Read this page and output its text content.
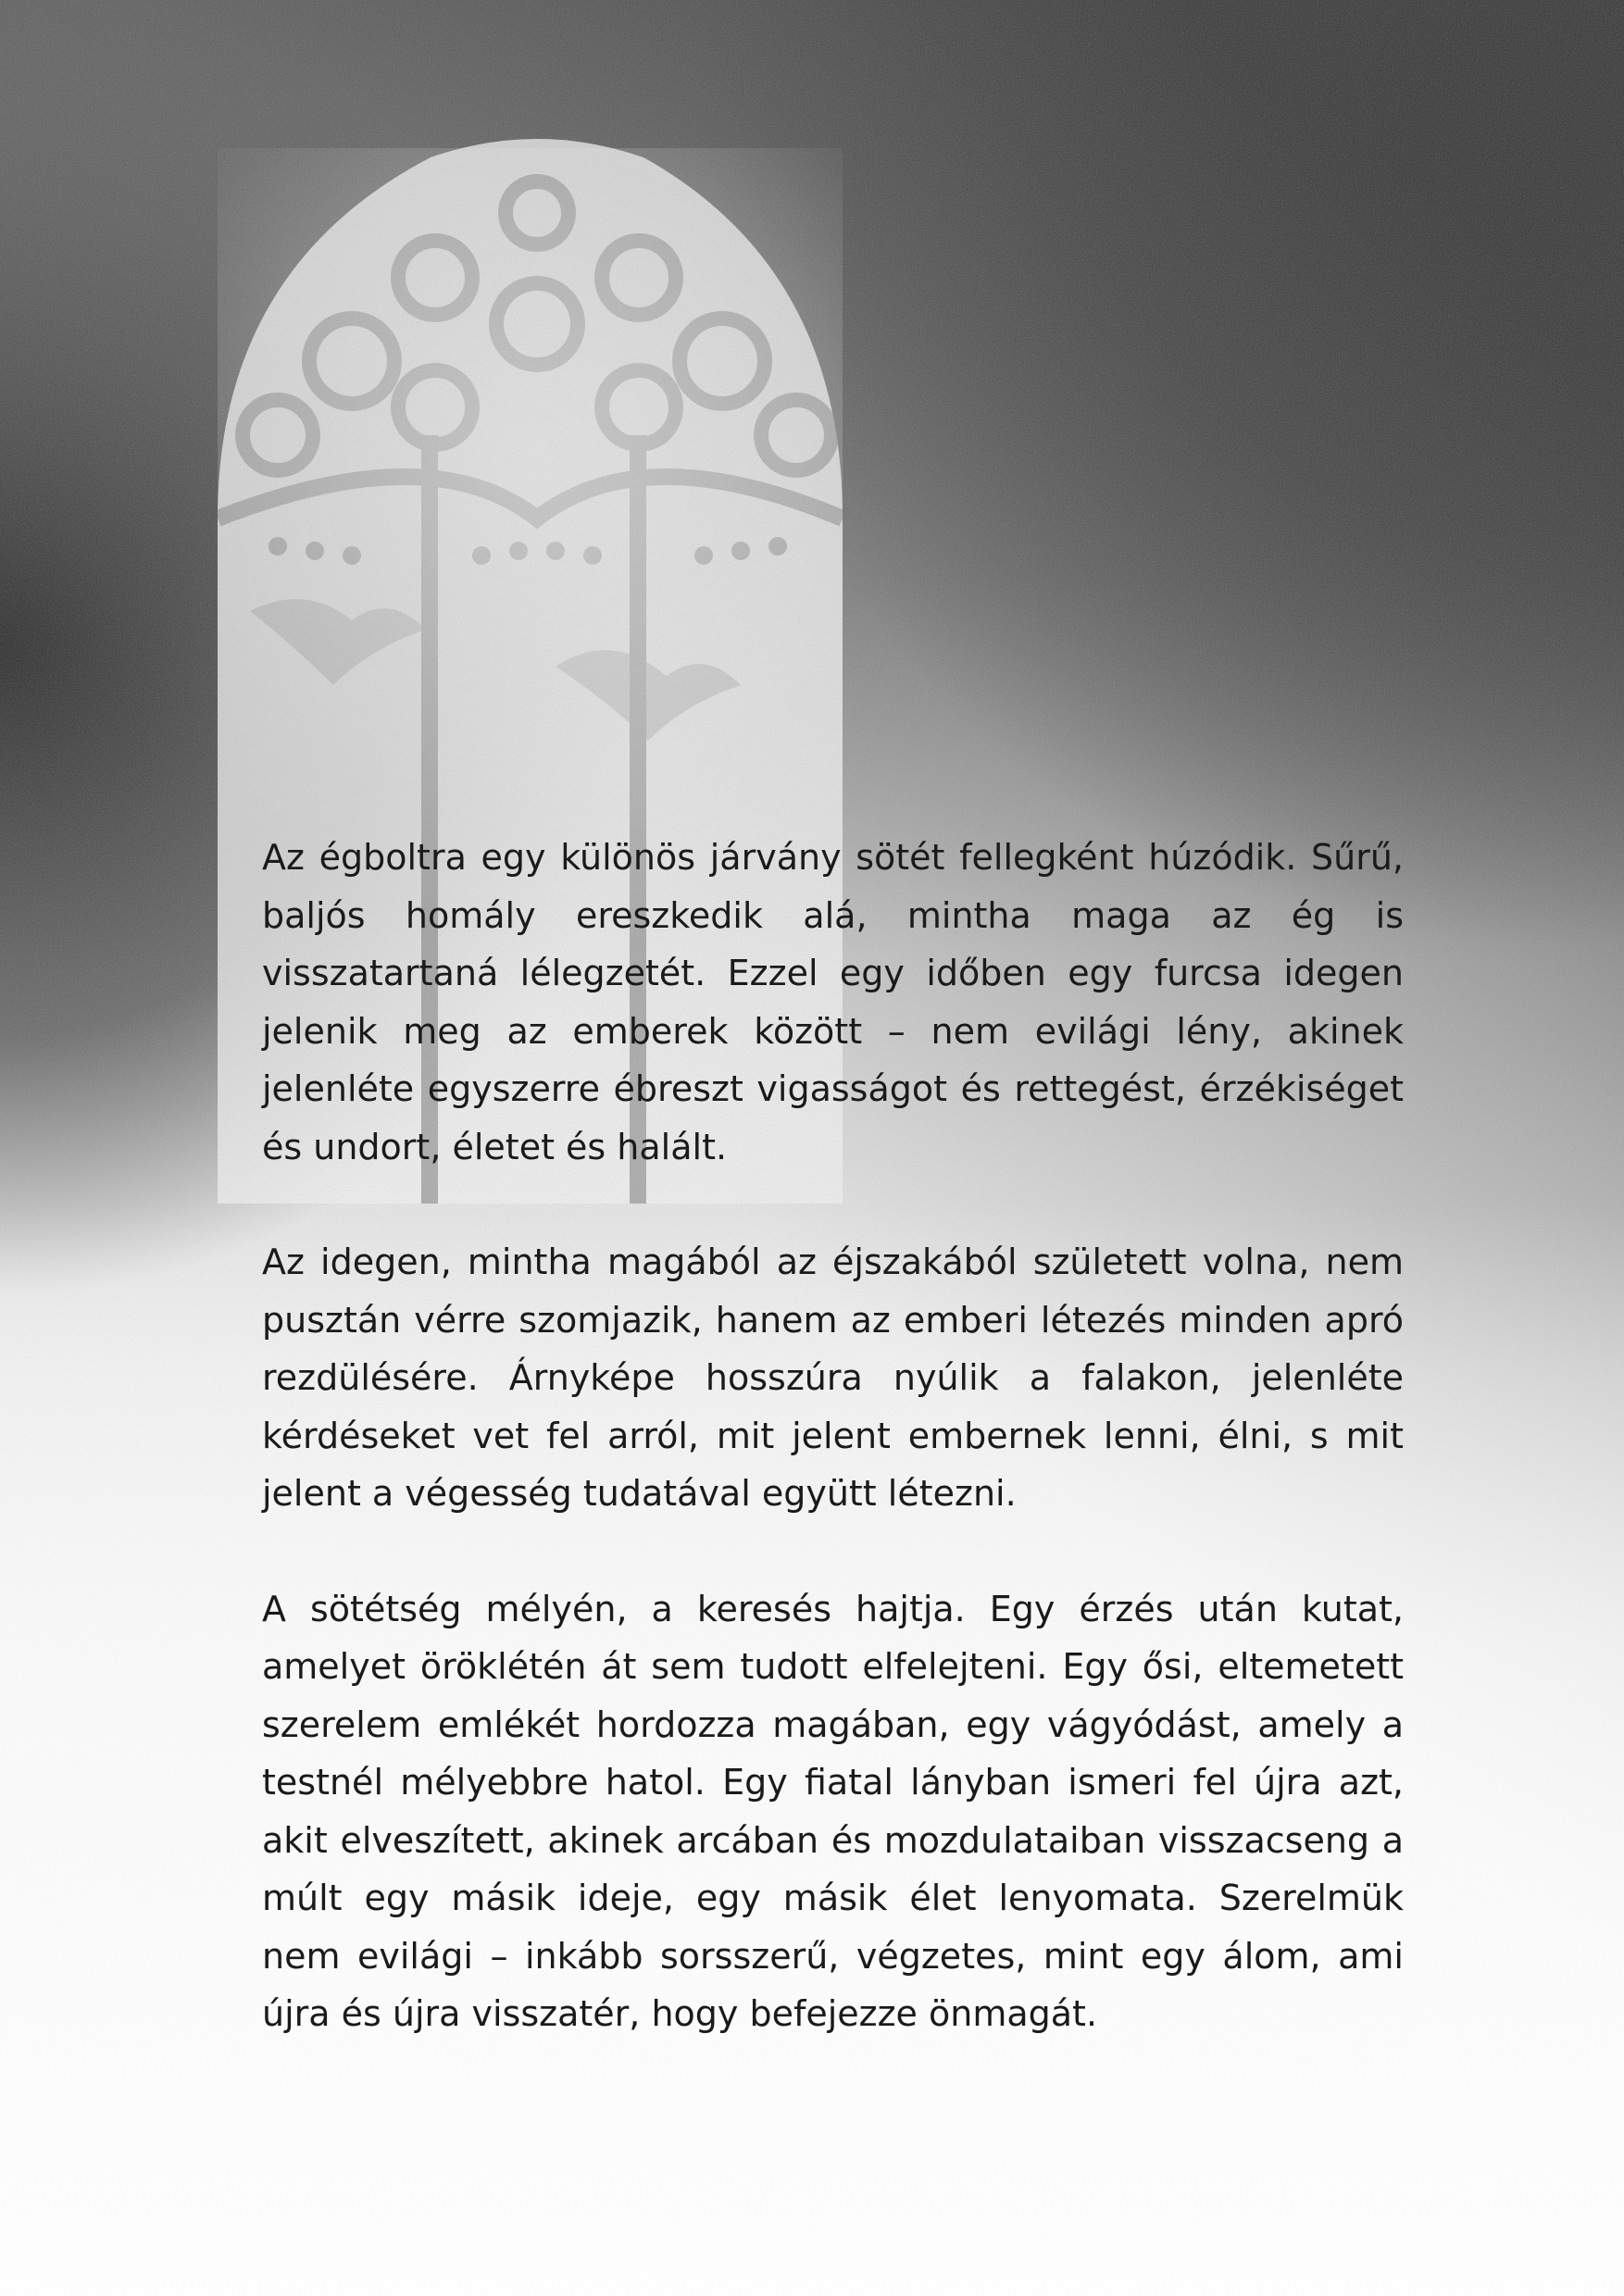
Az égboltra egy különös járvány sötét fellegként húzódik. Sűrű, baljós homály ereszkedik alá, mintha maga az ég is visszatartaná lélegzetét. Ezzel egy időben egy furcsa idegen jelenik meg az emberek között – nem evilági lény, akinek jelenléte egyszerre ébreszt vigasságot és rettegést, érzékiséget és undort, életet és halált.

Az idegen, mintha magából az éjszakából született volna, nem pusztán vérre szomjazik, hanem az emberi létezés minden apró rezdülésére. Árnyképe hosszúra nyúlik a falakon, jelenléte kérdéseket vet fel arról, mit jelent embernek lenni, élni, s mit jelent a végesség tudatával együtt létezni.

A sötétség mélyén, a keresés hajtja. Egy érzés után kutat, amelyet öröklétén át sem tudott elfelejteni. Egy ősi, eltemetett szerelem emlékét hordozza magában, egy vágyódást, amely a testnél mélyebbre hatol. Egy fiatal lányban ismeri fel újra azt, akit elveszített, akinek arcában és mozdulataiban visszacseng a múlt egy másik ideje, egy másik élet lenyomata. Szerelmük nem evilági – inkább sorsszerű, végzetes, mint egy álom, ami újra és újra visszatér, hogy befejezze önmagát.
